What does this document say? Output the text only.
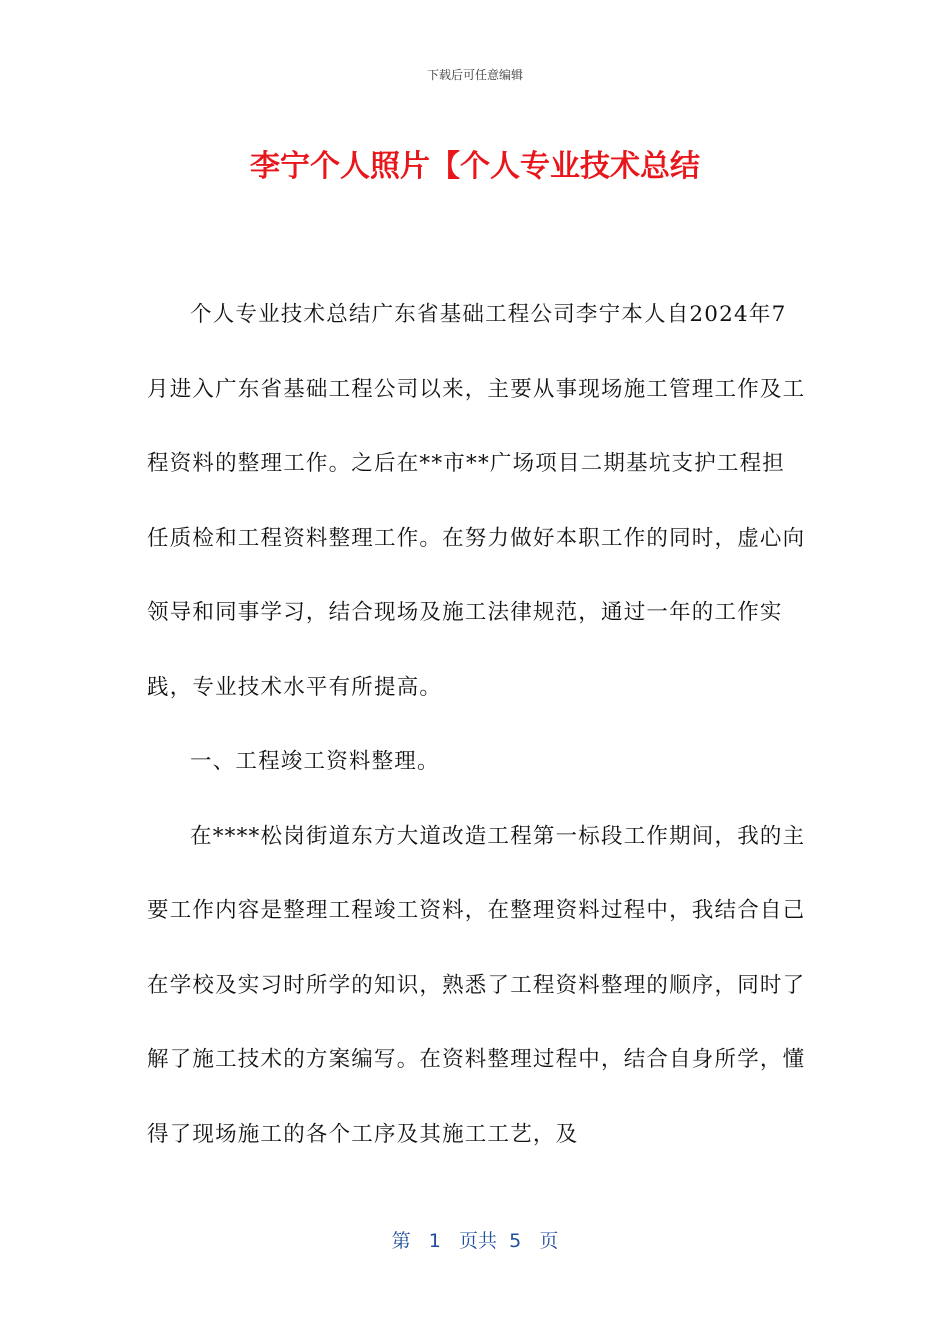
下载后可任意编辑
李宁个人照片【个人专业技术总结

个人专业技术总结广东省基础工程公司李宁本人自2024年7月进入广东省基础工程公司以来，主要从事现场施工管理工作及工程资料的整理工作。之后在**市**广场项目二期基坑支护工程担任质检和工程资料整理工作。在努力做好本职工作的同时，虚心向领导和同事学习，结合现场及施工法律规范，通过一年的工作实践，专业技术水平有所提高。

一、工程竣工资料整理。

在****松岗街道东方大道改造工程第一标段工作期间，我的主要工作内容是整理工程竣工资料，在整理资料过程中，我结合自己在学校及实习时所学的知识，熟悉了工程资料整理的顺序，同时了解了施工技术的方案编写。在资料整理过程中，结合自身所学，懂得了现场施工的各个工序及其施工工艺，及

第 1 页共 5 页
